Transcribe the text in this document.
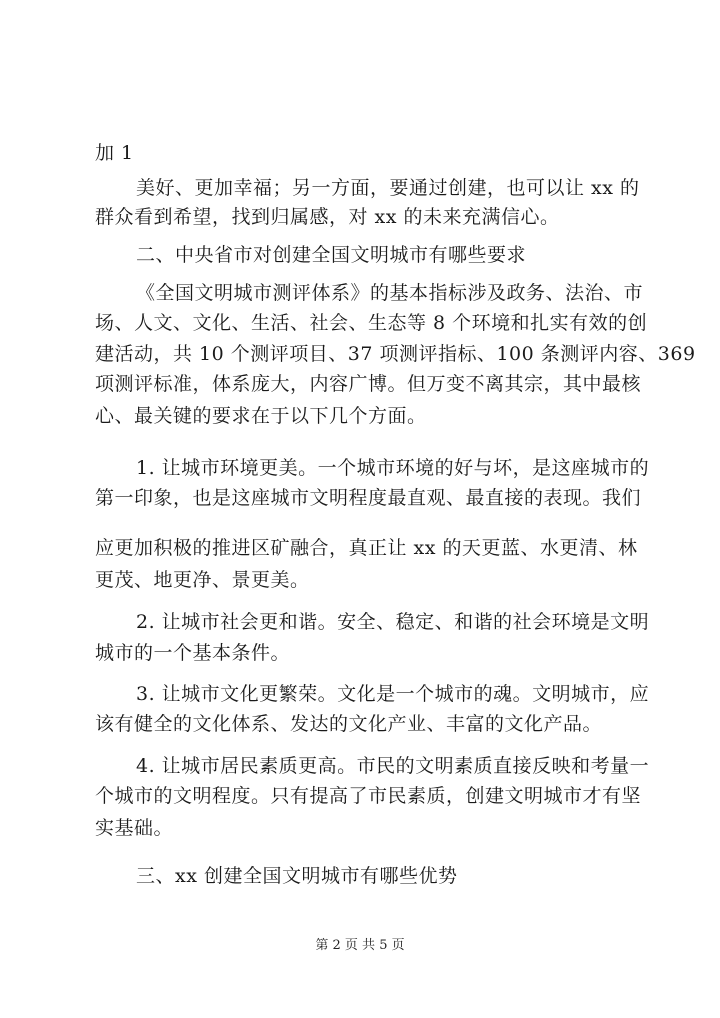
加 1
美好、更加幸福；另一方面，要通过创建，也可以让 xx 的
群众看到希望，找到归属感，对 xx 的未来充满信心。
二、中央省市对创建全国文明城市有哪些要求
《全国文明城市测评体系》的基本指标涉及政务、法治、市
场、人文、文化、生活、社会、生态等 8 个环境和扎实有效的创
建活动，共 10 个测评项目、37 项测评指标、100 条测评内容、369
项测评标准，体系庞大，内容广博。但万变不离其宗，其中最核
心、最关键的要求在于以下几个方面。
1. 让城市环境更美。一个城市环境的好与坏，是这座城市的
第一印象，也是这座城市文明程度最直观、最直接的表现。我们
应更加积极的推进区矿融合，真正让 xx 的天更蓝、水更清、林
更茂、地更净、景更美。
2. 让城市社会更和谐。安全、稳定、和谐的社会环境是文明
城市的一个基本条件。
3. 让城市文化更繁荣。文化是一个城市的魂。文明城市，应
该有健全的文化体系、发达的文化产业、丰富的文化产品。
4. 让城市居民素质更高。市民的文明素质直接反映和考量一
个城市的文明程度。只有提高了市民素质，创建文明城市才有坚
实基础。
三、xx 创建全国文明城市有哪些优势
第 2 页 共 5 页
